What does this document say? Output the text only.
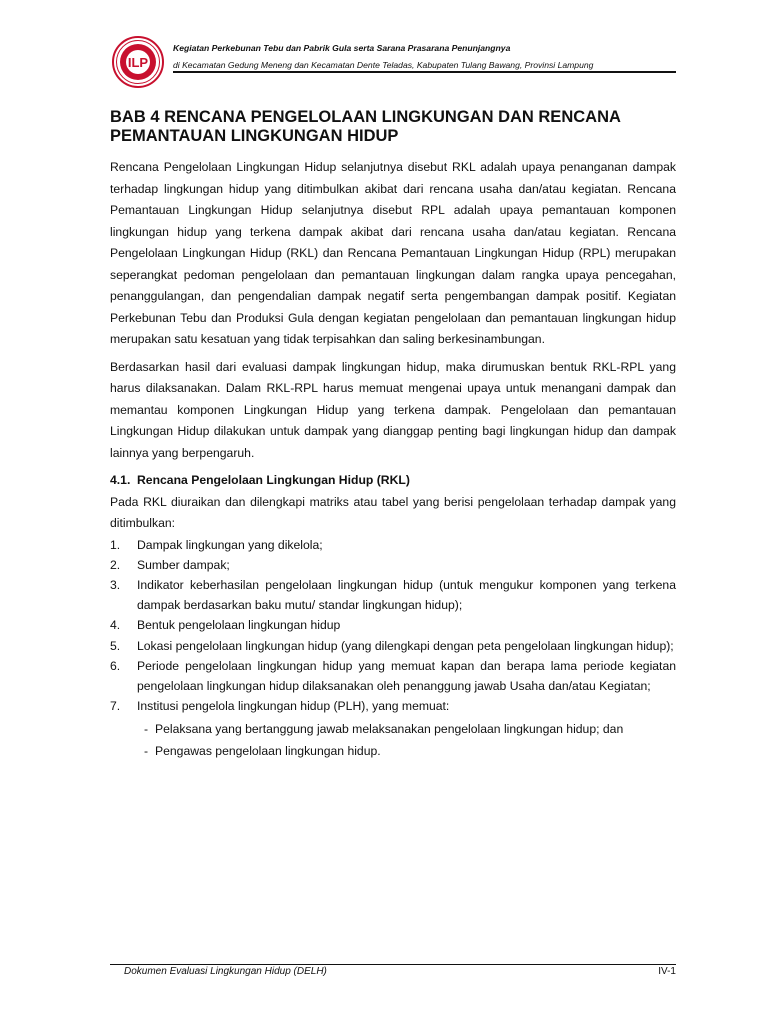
ILP
Kegiatan Perkebunan Tebu dan Pabrik Gula serta Sarana Prasarana Penunjangnya
di Kecamatan Gedung Meneng dan Kecamatan Dente Teladas, Kabupaten Tulang Bawang, Provinsi Lampung
BAB 4 RENCANA PENGELOLAAN LINGKUNGAN DAN RENCANA PEMANTAUAN LINGKUNGAN HIDUP

Rencana Pengelolaan Lingkungan Hidup selanjutnya disebut RKL adalah upaya penanganan dampak terhadap lingkungan hidup yang ditimbulkan akibat dari rencana usaha dan/atau kegiatan. Rencana Pemantauan Lingkungan Hidup selanjutnya disebut RPL adalah upaya pemantauan komponen lingkungan hidup yang terkena dampak akibat dari rencana usaha dan/atau kegiatan. Rencana Pengelolaan Lingkungan Hidup (RKL) dan Rencana Pemantauan Lingkungan Hidup (RPL) merupakan seperangkat pedoman pengelolaan dan pemantauan lingkungan dalam rangka upaya pencegahan, penanggulangan, dan pengendalian dampak negatif serta pengembangan dampak positif. Kegiatan Perkebunan Tebu dan Produksi Gula dengan kegiatan pengelolaan dan pemantauan lingkungan hidup merupakan satu kesatuan yang tidak terpisahkan dan saling berkesinambungan.

Berdasarkan hasil dari evaluasi dampak lingkungan hidup, maka dirumuskan bentuk RKL-RPL yang harus dilaksanakan. Dalam RKL-RPL harus memuat mengenai upaya untuk menangani dampak dan memantau komponen Lingkungan Hidup yang terkena dampak. Pengelolaan dan pemantauan Lingkungan Hidup dilakukan untuk dampak yang dianggap penting bagi lingkungan hidup dan dampak lainnya yang berpengaruh.

4.1. Rencana Pengelolaan Lingkungan Hidup (RKL)

Pada RKL diuraikan dan dilengkapi matriks atau tabel yang berisi pengelolaan terhadap dampak yang ditimbulkan:

1.	Dampak lingkungan yang dikelola;
2.	Sumber dampak;
3.	Indikator keberhasilan pengelolaan lingkungan hidup (untuk mengukur komponen yang terkena dampak berdasarkan baku mutu/ standar lingkungan hidup);
4.	Bentuk pengelolaan lingkungan hidup
5.	Lokasi pengelolaan lingkungan hidup (yang dilengkapi dengan peta pengelolaan lingkungan hidup);
6.	Periode pengelolaan lingkungan hidup yang memuat kapan dan berapa lama periode kegiatan pengelolaan lingkungan hidup dilaksanakan oleh penanggung jawab Usaha dan/atau Kegiatan;
7.	Institusi pengelola lingkungan hidup (PLH), yang memuat:
- Pelaksana yang bertanggung jawab melaksanakan pengelolaan lingkungan hidup; dan
- Pengawas pengelolaan lingkungan hidup.
Dokumen Evaluasi Lingkungan Hidup (DELH)	IV-1
